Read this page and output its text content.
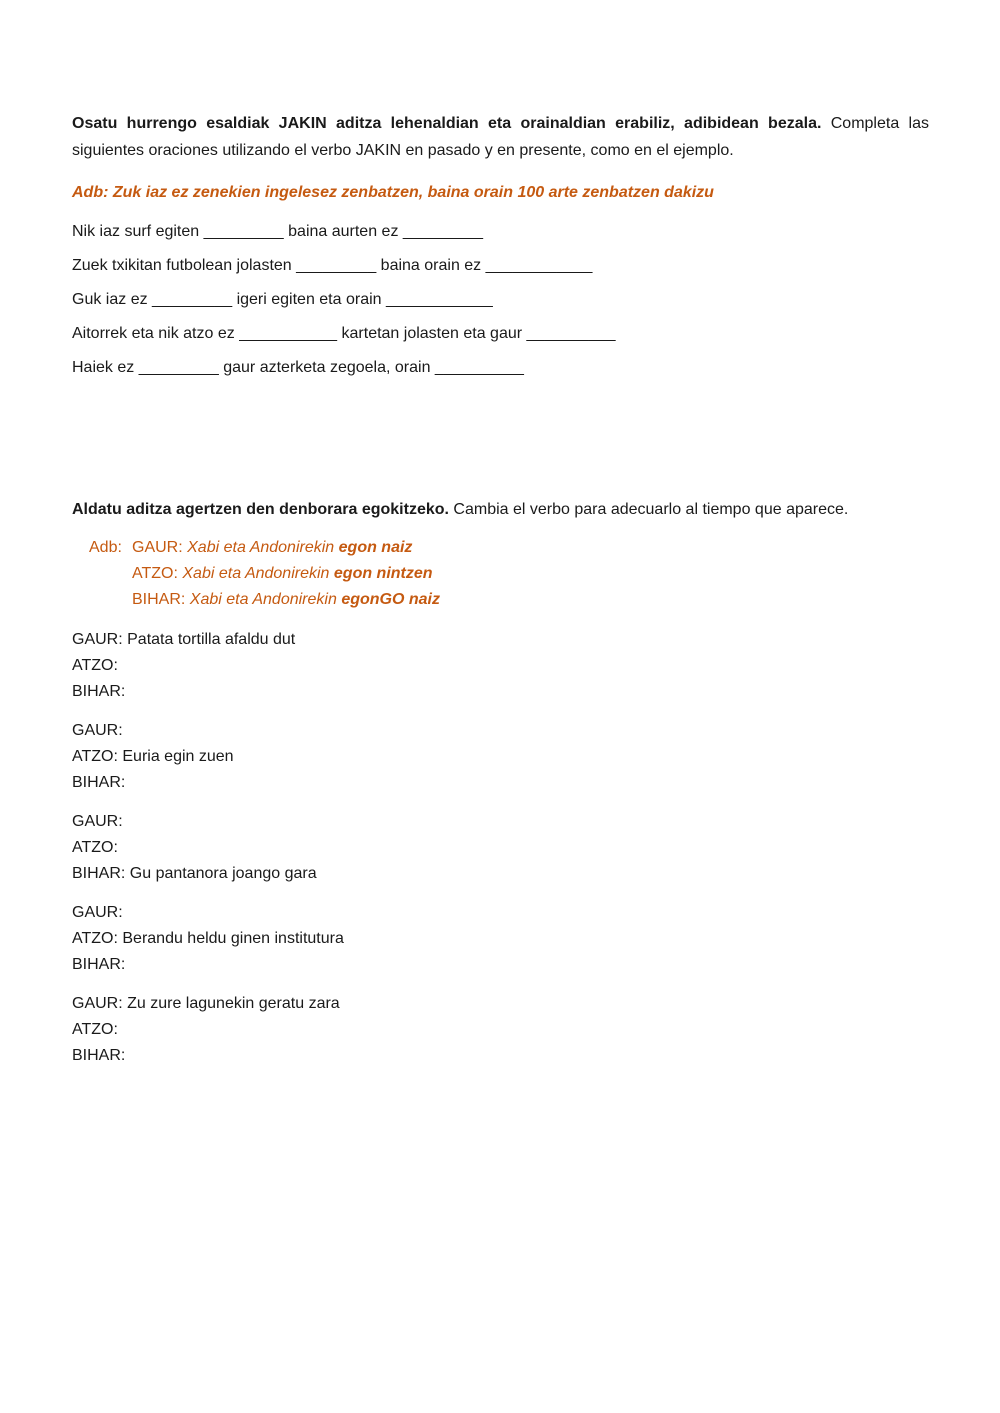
Osatu hurrengo esaldiak JAKIN aditza lehenaldian eta orainaldian erabiliz, adibidean bezala. Completa las siguientes oraciones utilizando el verbo JAKIN en pasado y en presente, como en el ejemplo.

Adb: Zuk iaz ez zenekien ingelesez zenbatzen, baina orain 100 arte zenbatzen dakizu
Nik iaz surf egiten _________ baina aurten ez _________
Zuek txikitan futbolean jolasten _________ baina orain ez ____________
Guk iaz ez _________ igeri egiten eta orain ____________
Aitorrek eta nik atzo ez ___________ kartetan jolasten eta gaur __________
Haiek ez _________ gaur azterketa zegoela, orain __________

Aldatu aditza agertzen den denborara egokitzeko. Cambia el verbo para adecuarlo al tiempo que aparece.

Adb: GAUR: Xabi eta Andonirekin egon naiz
ATZO: Xabi eta Andonirekin egon nintzen
BIHAR: Xabi eta Andonirekin egonGO naiz
GAUR: Patata tortilla afaldu dut
ATZO:
BIHAR:
GAUR:
ATZO: Euria egin zuen
BIHAR:
GAUR:
ATZO:
BIHAR: Gu pantanora joango gara
GAUR:
ATZO: Berandu heldu ginen institutura
BIHAR:
GAUR: Zu zure lagunekin geratu zara
ATZO:
BIHAR:
